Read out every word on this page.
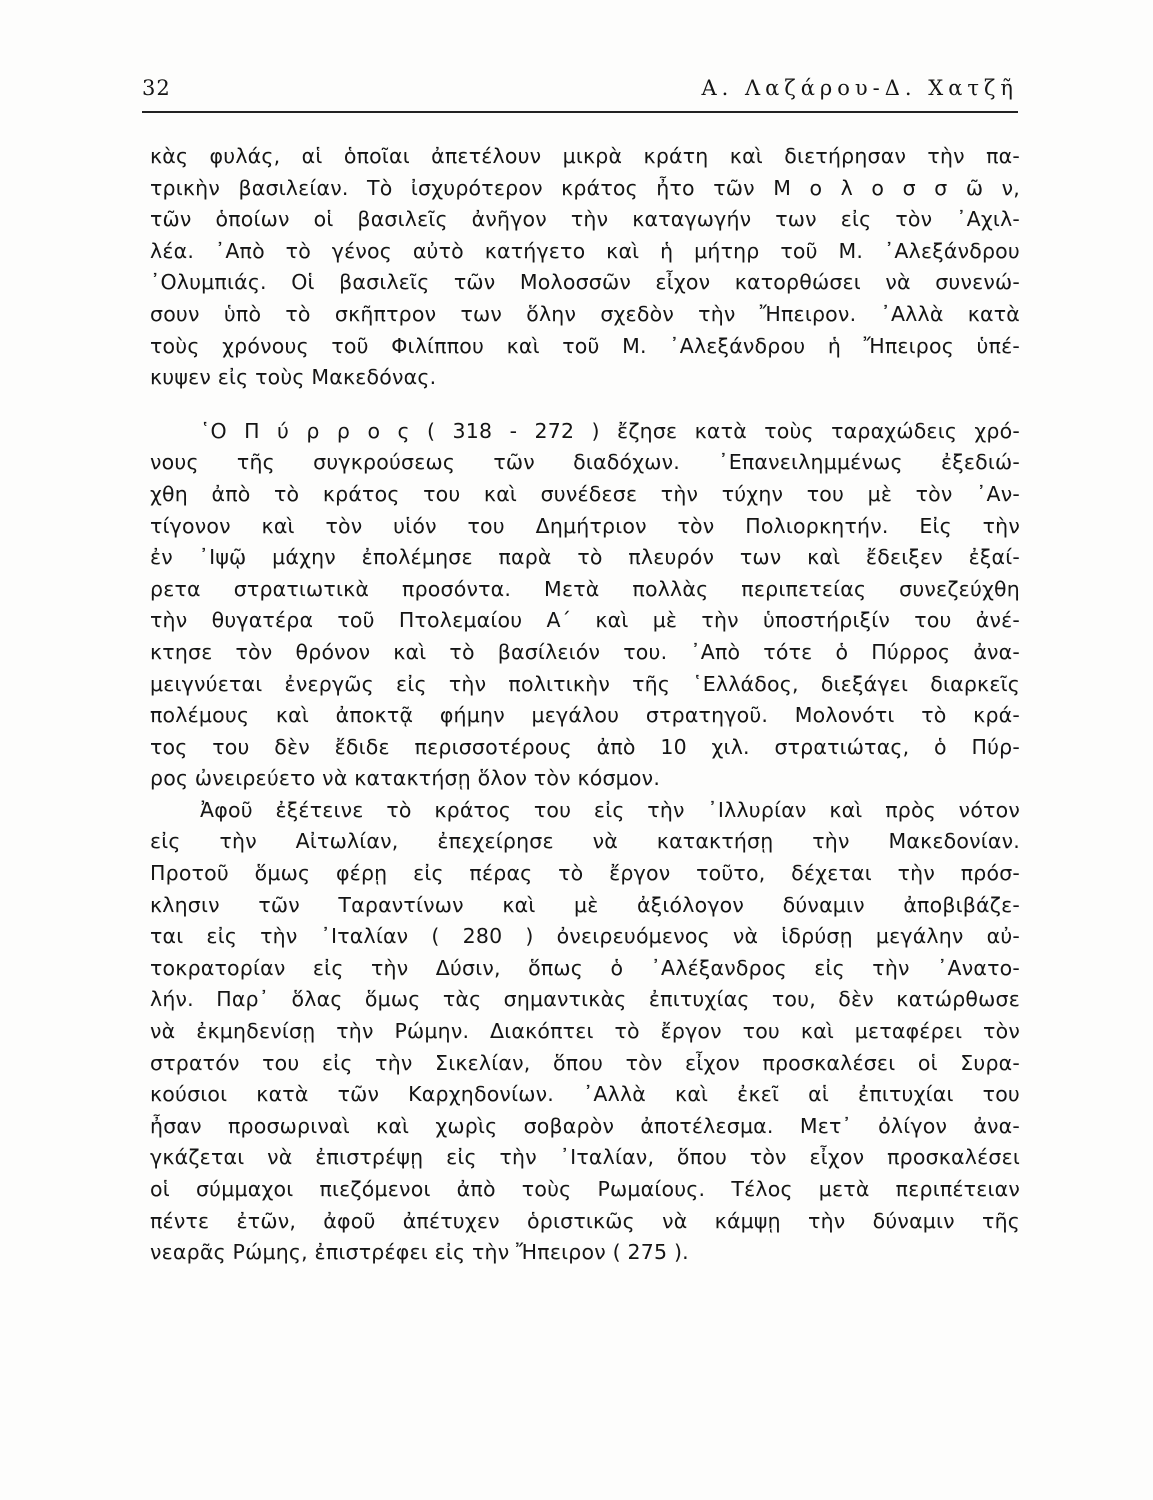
32	Α. Λαζάρου-Δ. Χατζῆ
κὰς φυλάς, αἱ ὁποῖαι ἀπετέλουν μικρὰ κράτη καὶ διετήρησαν τὴν πα-
τρικὴν βασιλείαν. Τὸ ἰσχυρότερον κράτος ἦτο τῶν Μ ο λ ο σ σ ῶ ν,
τῶν ὁποίων οἱ βασιλεῖς ἀνῆγον τὴν καταγωγήν των εἰς τὸν ᾿Αχιλ-
λέα. ᾿Απὸ τὸ γένος αὐτὸ κατήγετο καὶ ἡ μήτηρ τοῦ Μ. ᾿Αλεξάνδρου
᾿Ολυμπιάς. Οἱ βασιλεῖς τῶν Μολοσσῶν εἶχον κατορθώσει νὰ συνενώ-
σουν ὑπὸ τὸ σκῆπτρον των ὅλην σχεδὸν τὴν Ἤπειρον. ᾿Αλλὰ κατὰ
τοὺς χρόνους τοῦ Φιλίππου καὶ τοῦ Μ. ᾿Αλεξάνδρου ἡ Ἤπειρος ὑπέ-
κυψεν εἰς τοὺς Μακεδόνας.
῾Ο Π ύ ρ ρ ο ς ( 318 - 272 ) ἔζησε κατὰ τοὺς ταραχώδεις χρό-
νους τῆς συγκρούσεως τῶν διαδόχων. ᾿Επανειλημμένως ἐξεδιώ-
χθη ἀπὸ τὸ κράτος του καὶ συνέδεσε τὴν τύχην του μὲ τὸν ᾿Αν-
τίγονον καὶ τὸν υἱόν του Δημήτριον τὸν Πολιορκητήν. Εἰς τὴν
ἐν ᾿Ιψῷ μάχην ἐπολέμησε παρὰ τὸ πλευρόν των καὶ ἔδειξεν ἐξαί-
ρετα στρατιωτικὰ προσόντα. Μετὰ πολλὰς περιπετείας συνεζεύχθη
τὴν θυγατέρα τοῦ Πτολεμαίου Α΄ καὶ μὲ τὴν ὑποστήριξίν του ἀνέ-
κτησε τὸν θρόνον καὶ τὸ βασίλειόν του. ᾿Απὸ τότε ὁ Πύρρος ἀνα-
μειγνύεται ἐνεργῶς εἰς τὴν πολιτικὴν τῆς ῾Ελλάδος, διεξάγει διαρκεῖς
πολέμους καὶ ἀποκτᾷ φήμην μεγάλου στρατηγοῦ. Μολονότι τὸ κρά-
τος του δὲν ἔδιδε περισσοτέρους ἀπὸ 10 χιλ. στρατιώτας, ὁ Πύρ-
ρος ὠνειρεύετο νὰ κατακτήσῃ ὅλον τὸν κόσμον.
Ἀφοῦ ἐξέτεινε τὸ κράτος του εἰς τὴν ᾿Ιλλυρίαν καὶ πρὸς νότον
εἰς τὴν Αἰτωλίαν, ἐπεχείρησε νὰ κατακτήσῃ τὴν Μακεδονίαν.
Προτοῦ ὅμως φέρῃ εἰς πέρας τὸ ἔργον τοῦτο, δέχεται τὴν πρόσ-
κλησιν τῶν Ταραντίνων καὶ μὲ ἀξιόλογον δύναμιν ἀποβιβάζε-
ται εἰς τὴν ᾿Ιταλίαν ( 280 ) ὀνειρευόμενος νὰ ἱδρύσῃ μεγάλην αὐ-
τοκρατορίαν εἰς τὴν Δύσιν, ὅπως ὁ ᾿Αλέξανδρος εἰς τὴν ᾿Ανατο-
λήν. Παρ᾿ ὅλας ὅμως τὰς σημαντικὰς ἐπιτυχίας του, δὲν κατώρθωσε
νὰ ἐκμηδενίσῃ τὴν Ρώμην. Διακόπτει τὸ ἔργον του καὶ μεταφέρει τὸν
στρατόν του εἰς τὴν Σικελίαν, ὅπου τὸν εἶχον προσκαλέσει οἱ Συρα-
κούσιοι κατὰ τῶν Καρχηδονίων. ᾿Αλλὰ καὶ ἐκεῖ αἱ ἐπιτυχίαι του
ἦσαν προσωριναὶ καὶ χωρὶς σοβαρὸν ἀποτέλεσμα. Μετ᾿ ὀλίγον ἀνα-
γκάζεται νὰ ἐπιστρέψῃ εἰς τὴν ᾿Ιταλίαν, ὅπου τὸν εἶχον προσκαλέσει
οἱ σύμμαχοι πιεζόμενοι ἀπὸ τοὺς Ρωμαίους. Τέλος μετὰ περιπέτειαν
πέντε ἐτῶν, ἀφοῦ ἀπέτυχεν ὁριστικῶς νὰ κάμψῃ τὴν δύναμιν τῆς
νεαρᾶς Ρώμης, ἐπιστρέφει εἰς τὴν Ἤπειρον ( 275 ).
